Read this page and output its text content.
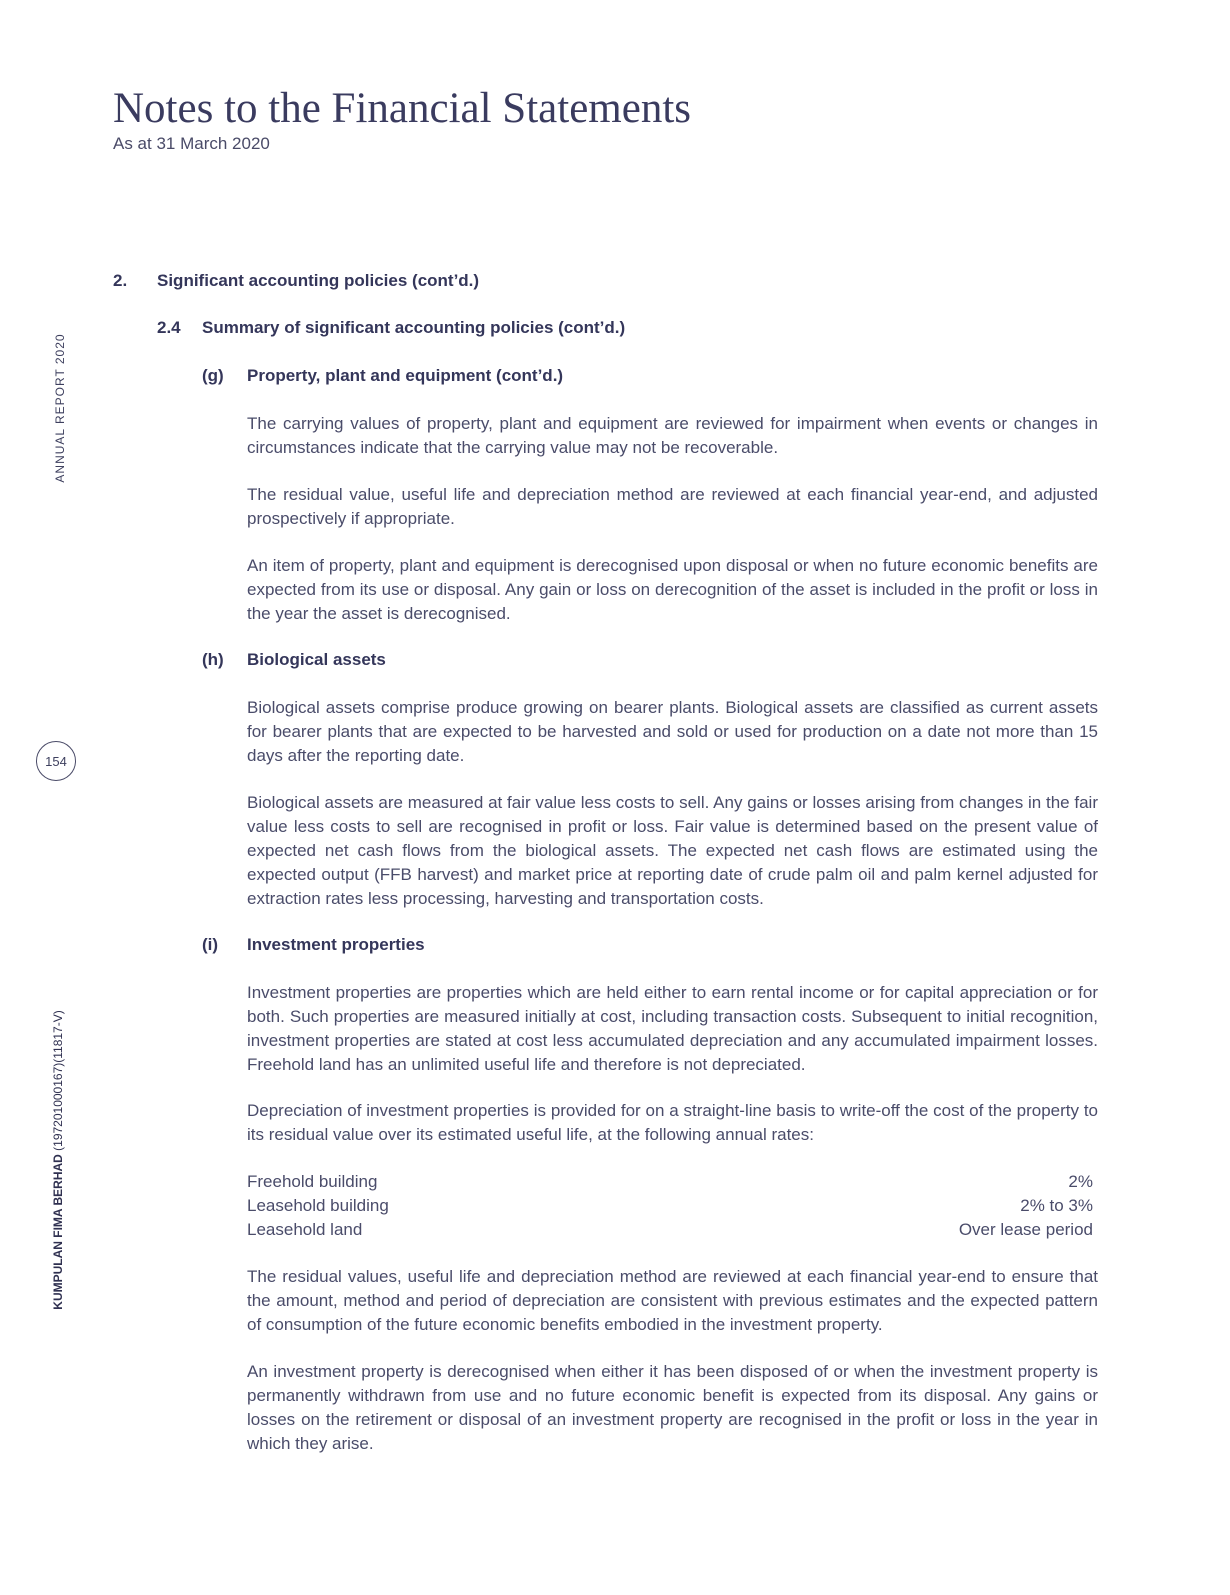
Notes to the Financial Statements
As at 31 March 2020
ANNUAL REPORT 2020
KUMPULAN FIMA BERHAD (197201000167)(11817-V)
154
2. Significant accounting policies (cont’d.)
2.4 Summary of significant accounting policies (cont’d.)
(g) Property, plant and equipment (cont’d.)

The carrying values of property, plant and equipment are reviewed for impairment when events or changes in circumstances indicate that the carrying value may not be recoverable.

The residual value, useful life and depreciation method are reviewed at each financial year-end, and adjusted prospectively if appropriate.

An item of property, plant and equipment is derecognised upon disposal or when no future economic benefits are expected from its use or disposal. Any gain or loss on derecognition of the asset is included in the profit or loss in the year the asset is derecognised.

(h) Biological assets

Biological assets comprise produce growing on bearer plants. Biological assets are classified as current assets for bearer plants that are expected to be harvested and sold or used for production on a date not more than 15 days after the reporting date.

Biological assets are measured at fair value less costs to sell. Any gains or losses arising from changes in the fair value less costs to sell are recognised in profit or loss. Fair value is determined based on the present value of expected net cash flows from the biological assets. The expected net cash flows are estimated using the expected output (FFB harvest) and market price at reporting date of crude palm oil and palm kernel adjusted for extraction rates less processing, harvesting and transportation costs.

(i) Investment properties

Investment properties are properties which are held either to earn rental income or for capital appreciation or for both. Such properties are measured initially at cost, including transaction costs. Subsequent to initial recognition, investment properties are stated at cost less accumulated depreciation and any accumulated impairment losses. Freehold land has an unlimited useful life and therefore is not depreciated.

Depreciation of investment properties is provided for on a straight-line basis to write-off the cost of the property to its residual value over its estimated useful life, at the following annual rates:

Freehold building	2%
Leasehold building	2% to 3%
Leasehold land	Over lease period

The residual values, useful life and depreciation method are reviewed at each financial year-end to ensure that the amount, method and period of depreciation are consistent with previous estimates and the expected pattern of consumption of the future economic benefits embodied in the investment property.

An investment property is derecognised when either it has been disposed of or when the investment property is permanently withdrawn from use and no future economic benefit is expected from its disposal. Any gains or losses on the retirement or disposal of an investment property are recognised in the profit or loss in the year in which they arise.
